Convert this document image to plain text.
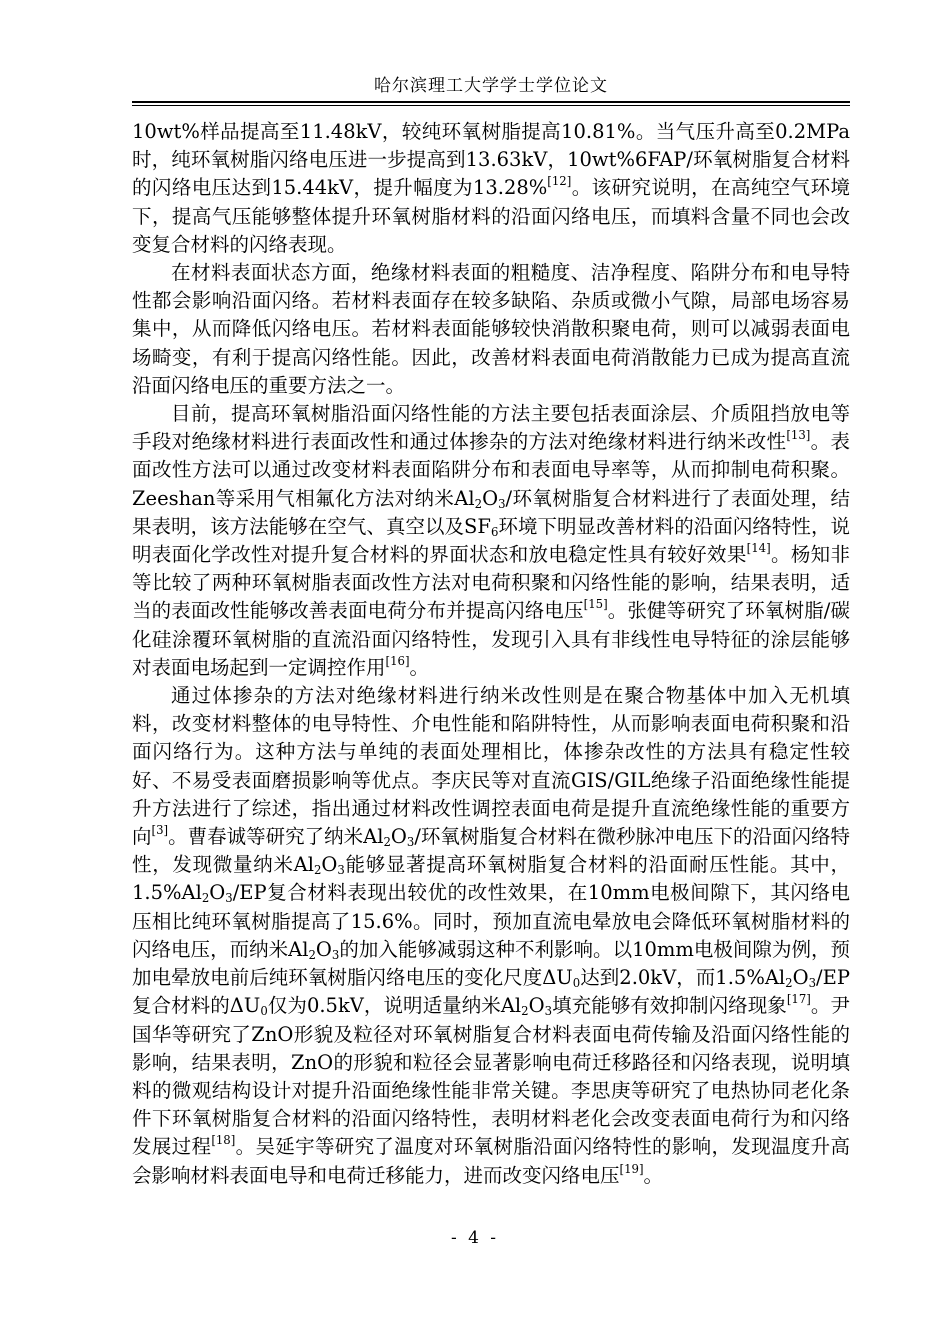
哈尔滨理工大学学士学位论文

10wt%样品提高至11.48kV，较纯环氧树脂提高10.81%。当气压升高至0.2MPa时，纯环氧树脂闪络电压进一步提高到13.63kV，10wt%6FAP/环氧树脂复合材料的闪络电压达到15.44kV，提升幅度为13.28%[12]。该研究说明，在高纯空气环境下，提高气压能够整体提升环氧树脂材料的沿面闪络电压，而填料含量不同也会改变复合材料的闪络表现。

在材料表面状态方面，绝缘材料表面的粗糙度、洁净程度、陷阱分布和电导特性都会影响沿面闪络。若材料表面存在较多缺陷、杂质或微小气隙，局部电场容易集中，从而降低闪络电压。若材料表面能够较快消散积聚电荷，则可以减弱表面电场畸变，有利于提高闪络性能。因此，改善材料表面电荷消散能力已成为提高直流沿面闪络电压的重要方法之一。

目前，提高环氧树脂沿面闪络性能的方法主要包括表面涂层、介质阻挡放电等手段对绝缘材料进行表面改性和通过体掺杂的方法对绝缘材料进行纳米改性[13]。表面改性方法可以通过改变材料表面陷阱分布和表面电导率等，从而抑制电荷积聚。Zeeshan等采用气相氟化方法对纳米$Al_2O_3/$环氧树脂复合材料进行了表面处理，结果表明，该方法能够在空气、真空以及$SF_6$环境下明显改善材料的沿面闪络特性，说明表面化学改性对提升复合材料的界面状态和放电稳定性具有较好效果[14]。杨知非等比较了两种环氧树脂表面改性方法对电荷积聚和闪络性能的影响，结果表明，适当的表面改性能够改善表面电荷分布并提高闪络电压[15]。张健等研究了环氧树脂/碳化硅涂覆环氧树脂的直流沿面闪络特性，发现引入具有非线性电导特征的涂层能够对表面电场起到一定调控作用[16]。

通过体掺杂的方法对绝缘材料进行纳米改性则是在聚合物基体中加入无机填料，改变材料整体的电导特性、介电性能和陷阱特性，从而影响表面电荷积聚和沿面闪络行为。这种方法与单纯的表面处理相比，体掺杂改性的方法具有稳定性较好、不易受表面磨损影响等优点。李庆民等对直流GIS/GIL绝缘子沿面绝缘性能提升方法进行了综述，指出通过材料改性调控表面电荷是提升直流绝缘性能的重要方向[3]。曹春诚等研究了纳米$Al_2O_3/$环氧树脂复合材料在微秒脉冲电压下的沿面闪络特性，发现微量纳米$Al_2O_3$能够显著提高环氧树脂复合材料的沿面耐压性能。其中，$1.5\%Al_2O_3/EP$复合材料表现出较优的改性效果，在10mm电极间隙下，其闪络电压相比纯环氧树脂提高了15.6%。同时，预加直流电晕放电会降低环氧树脂材料的闪络电压，而纳米$Al_2O_3$的加入能够减弱这种不利影响。以10mm电极间隙为例，预加电晕放电前后纯环氧树脂闪络电压的变化尺度$\Delta U_0$达到2.0kV，而$1.5\%Al_2O_3/EP$复合材料的$\Delta U_0$仅为0.5kV，说明适量纳米$Al_2O_3$填充能够有效抑制闪络现象[17]。尹国华等研究了ZnO形貌及粒径对环氧树脂复合材料表面电荷传输及沿面闪络性能的影响，结果表明，ZnO的形貌和粒径会显著影响电荷迁移路径和闪络表现，说明填料的微观结构设计对提升沿面绝缘性能非常关键。李思庚等研究了电热协同老化条件下环氧树脂复合材料的沿面闪络特性，表明材料老化会改变表面电荷行为和闪络发展过程[18]。吴延宇等研究了温度对环氧树脂沿面闪络特性的影响，发现温度升高会影响材料表面电导和电荷迁移能力，进而改变闪络电压[19]。

- 4 -
